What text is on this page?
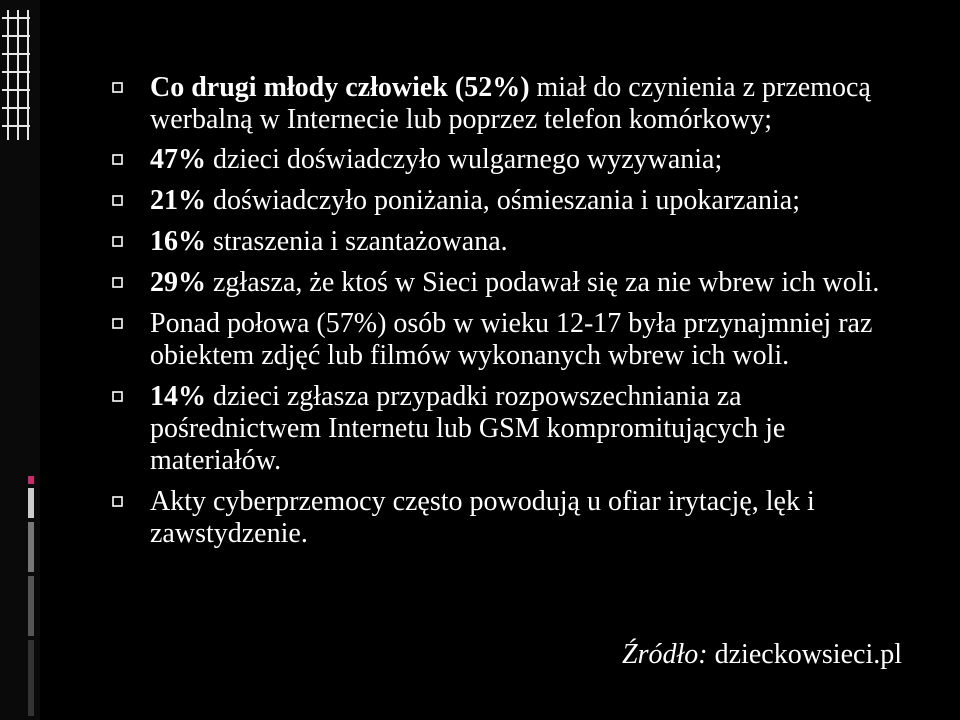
Co drugi młody człowiek (52%) miał do czynienia z przemocą werbalną w Internecie lub poprzez telefon komórkowy;
47% dzieci doświadczyło wulgarnego wyzywania;
21% doświadczyło poniżania, ośmieszania i upokarzania;
16% straszenia i szantażowana.
29% zgłasza, że ktoś w Sieci podawał się za nie wbrew ich woli.
Ponad połowa (57%) osób w wieku 12-17 była przynajmniej raz obiektem zdjęć lub filmów wykonanych wbrew ich woli.
14% dzieci zgłasza przypadki rozpowszechniania za pośrednictwem Internetu lub GSM kompromitujących je materiałów.
Akty cyberprzemocy często powodują u ofiar irytację, lęk i zawstydzenie.
Źródło: dzieckowsieci.pl
